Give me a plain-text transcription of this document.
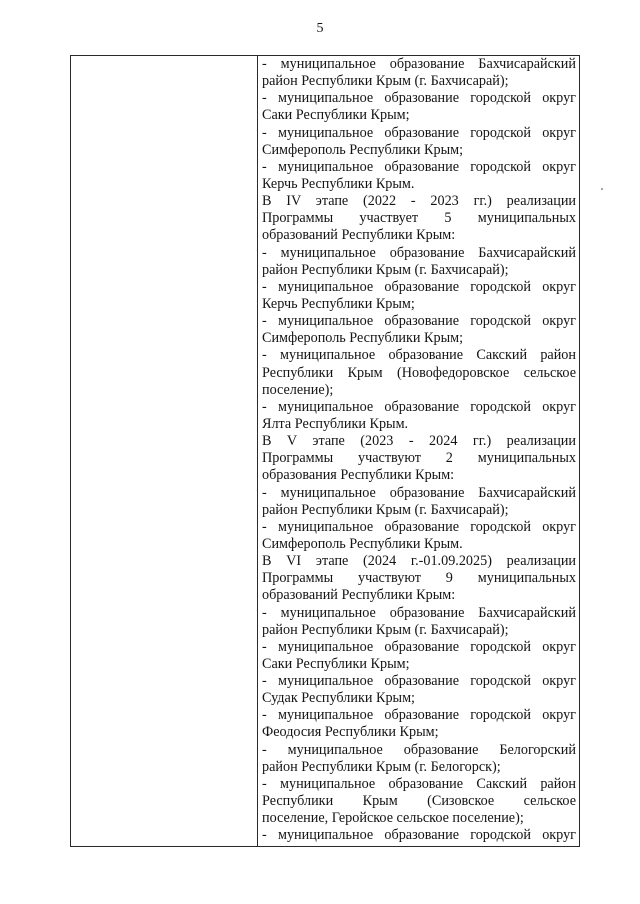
5
- муниципальное образование Бахчисарайский
район Республики Крым (г. Бахчисарай);
- муниципальное образование городской округ
Саки Республики Крым;
- муниципальное образование городской округ
Симферополь Республики Крым;
- муниципальное образование городской округ
Керчь Республики Крым.
В IV этапе (2022 - 2023 гг.) реализации
Программы участвует 5 муниципальных
образований Республики Крым:
- муниципальное образование Бахчисарайский
район Республики Крым (г. Бахчисарай);
- муниципальное образование городской округ
Керчь Республики Крым;
- муниципальное образование городской округ
Симферополь Республики Крым;
- муниципальное образование Сакский район
Республики Крым (Новофедоровское сельское
поселение);
- муниципальное образование городской округ
Ялта Республики Крым.
В V этапе (2023 - 2024 гг.) реализации
Программы участвуют 2 муниципальных
образования Республики Крым:
- муниципальное образование Бахчисарайский
район Республики Крым (г. Бахчисарай);
- муниципальное образование городской округ
Симферополь Республики Крым.
В VI этапе (2024 г.-01.09.2025) реализации
Программы участвуют 9 муниципальных
образований Республики Крым:
- муниципальное образование Бахчисарайский
район Республики Крым (г. Бахчисарай);
- муниципальное образование городской округ
Саки Республики Крым;
- муниципальное образование городской округ
Судак Республики Крым;
- муниципальное образование городской округ
Феодосия Республики Крым;
- муниципальное образование Белогорский
район Республики Крым (г. Белогорск);
- муниципальное образование Сакский район
Республики Крым (Сизовское сельское
поселение, Геройское сельское поселение);
- муниципальное образование городской округ
